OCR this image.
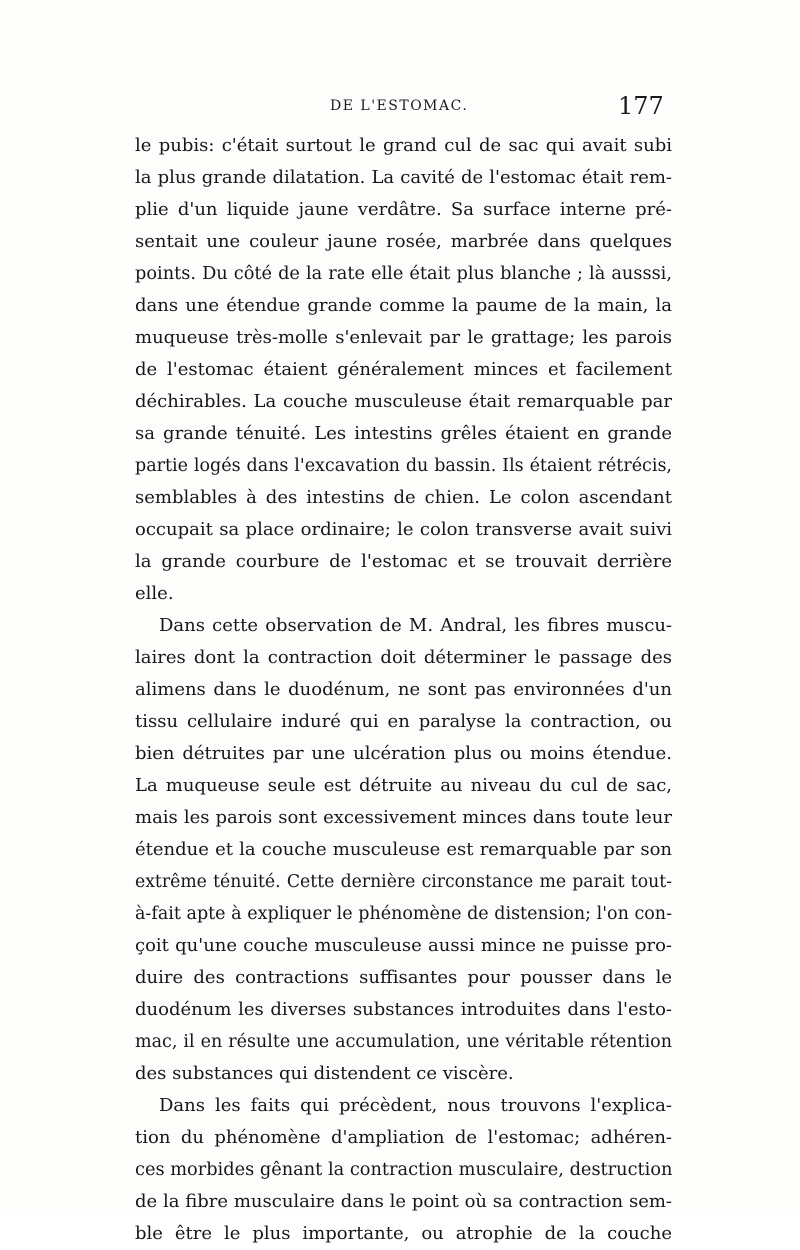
DE L'ESTOMAC.	177
le pubis: c'était surtout le grand cul de sac qui avait subi
la plus grande dilatation. La cavité de l'estomac était rem-
plie d'un liquide jaune verdâtre. Sa surface interne pré-
sentait une couleur jaune rosée, marbrée dans quelques
points. Du côté de la rate elle était plus blanche ; là ausssi,
dans une étendue grande comme la paume de la main, la
muqueuse très-molle s'enlevait par le grattage; les parois
de l'estomac étaient généralement minces et facilement
déchirables. La couche musculeuse était remarquable par
sa grande ténuité. Les intestins grêles étaient en grande
partie logés dans l'excavation du bassin. Ils étaient rétrécis,
semblables à des intestins de chien. Le colon ascendant
occupait sa place ordinaire; le colon transverse avait suivi
la grande courbure de l'estomac et se trouvait derrière
elle.
Dans cette observation de M. Andral, les fibres muscu-
laires dont la contraction doit déterminer le passage des
alimens dans le duodénum, ne sont pas environnées d'un
tissu cellulaire induré qui en paralyse la contraction, ou
bien détruites par une ulcération plus ou moins étendue.
La muqueuse seule est détruite au niveau du cul de sac,
mais les parois sont excessivement minces dans toute leur
étendue et la couche musculeuse est remarquable par son
extrême ténuité. Cette dernière circonstance me parait tout-
à-fait apte à expliquer le phénomène de distension; l'on con-
çoit qu'une couche musculeuse aussi mince ne puisse pro-
duire des contractions suffisantes pour pousser dans le
duodénum les diverses substances introduites dans l'esto-
mac, il en résulte une accumulation, une véritable rétention
des substances qui distendent ce viscère.
Dans les faits qui précèdent, nous trouvons l'explica-
tion du phénomène d'ampliation de l'estomac; adhéren-
ces morbides gênant la contraction musculaire, destruction
de la fibre musculaire dans le point où sa contraction sem-
ble être le plus importante, ou atrophie de la couche
